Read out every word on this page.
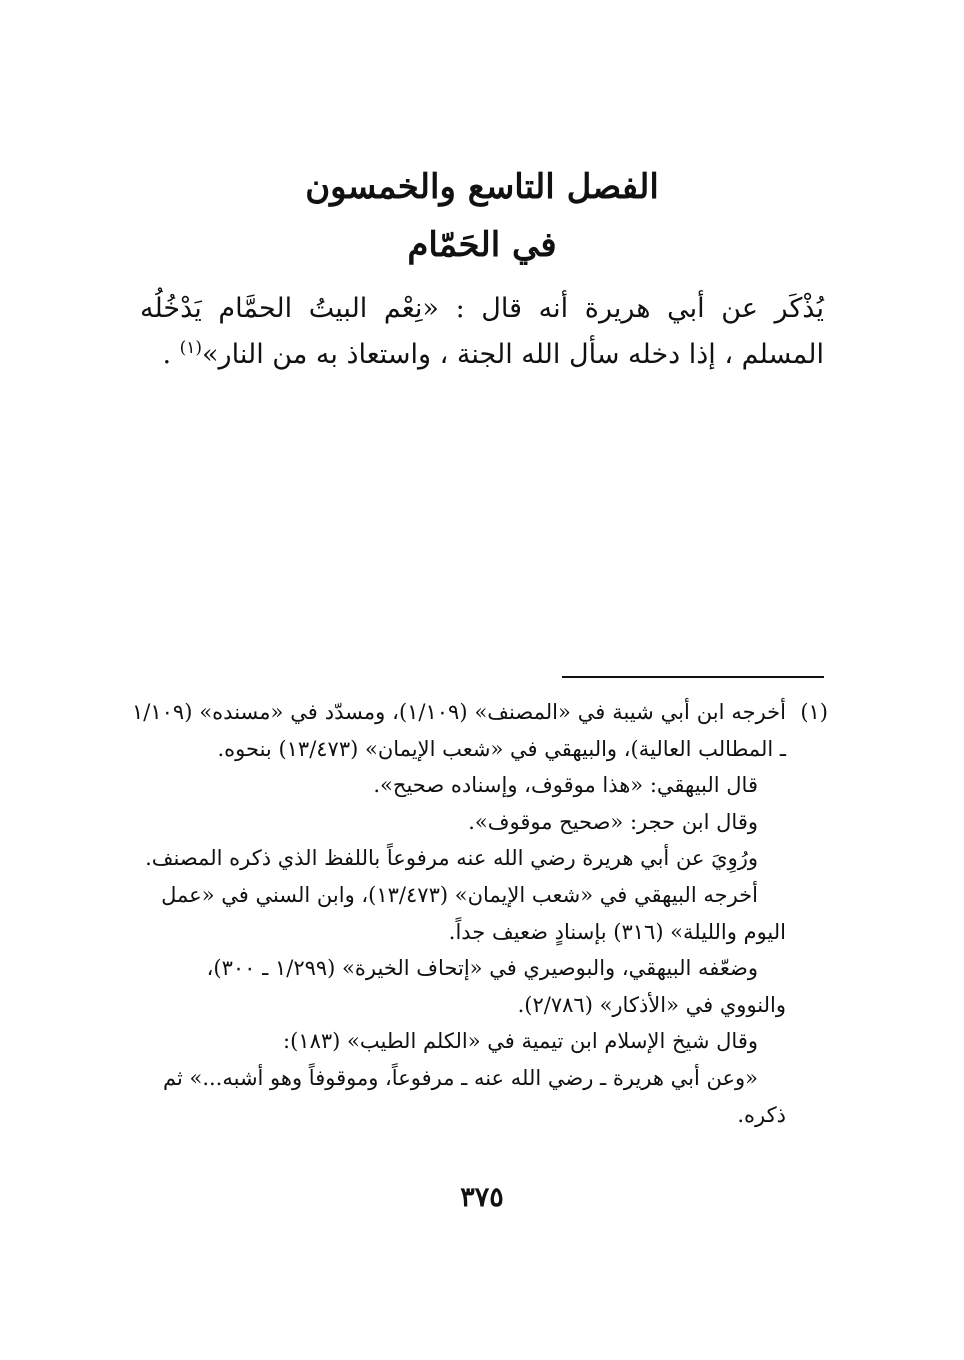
الفصل التاسع والخمسون
في الحَمّام
يُذْكَر عن أبي هريرة أنه قال : «نِعْم البيتُ الحمَّام يَدْخُلُه المسلم ، إذا دخله سأل الله الجنة ، واستعاذ به من النار»$^{(١)}$ .
(١)
أخرجه ابن أبي شيبة في «المصنف» (١/١٠٩)، ومسدّد في «مسنده» (١/١٠٩ ـ المطالب العالية)، والبيهقي في «شعب الإيمان» (١٣/٤٧٣) بنحوه.
قال البيهقي: «هذا موقوف، وإسناده صحيح».
وقال ابن حجر: «صحيح موقوف».
ورُوِيَ عن أبي هريرة رضي الله عنه مرفوعاً باللفظ الذي ذكره المصنف.
أخرجه البيهقي في «شعب الإيمان» (١٣/٤٧٣)، وابن السني في «عمل
اليوم والليلة» (٣١٦) بإسنادٍ ضعيف جداً.
وضعّفه البيهقي، والبوصيري في «إتحاف الخيرة» (١/٢٩٩ ـ ٣٠٠)،
والنووي في «الأذكار» (٢/٧٨٦).
وقال شيخ الإسلام ابن تيمية في «الكلم الطيب» (١٨٣):
«وعن أبي هريرة ـ رضي الله عنه ـ مرفوعاً، وموقوفاً وهو أشبه...» ثم
ذكره.
٣٧٥
